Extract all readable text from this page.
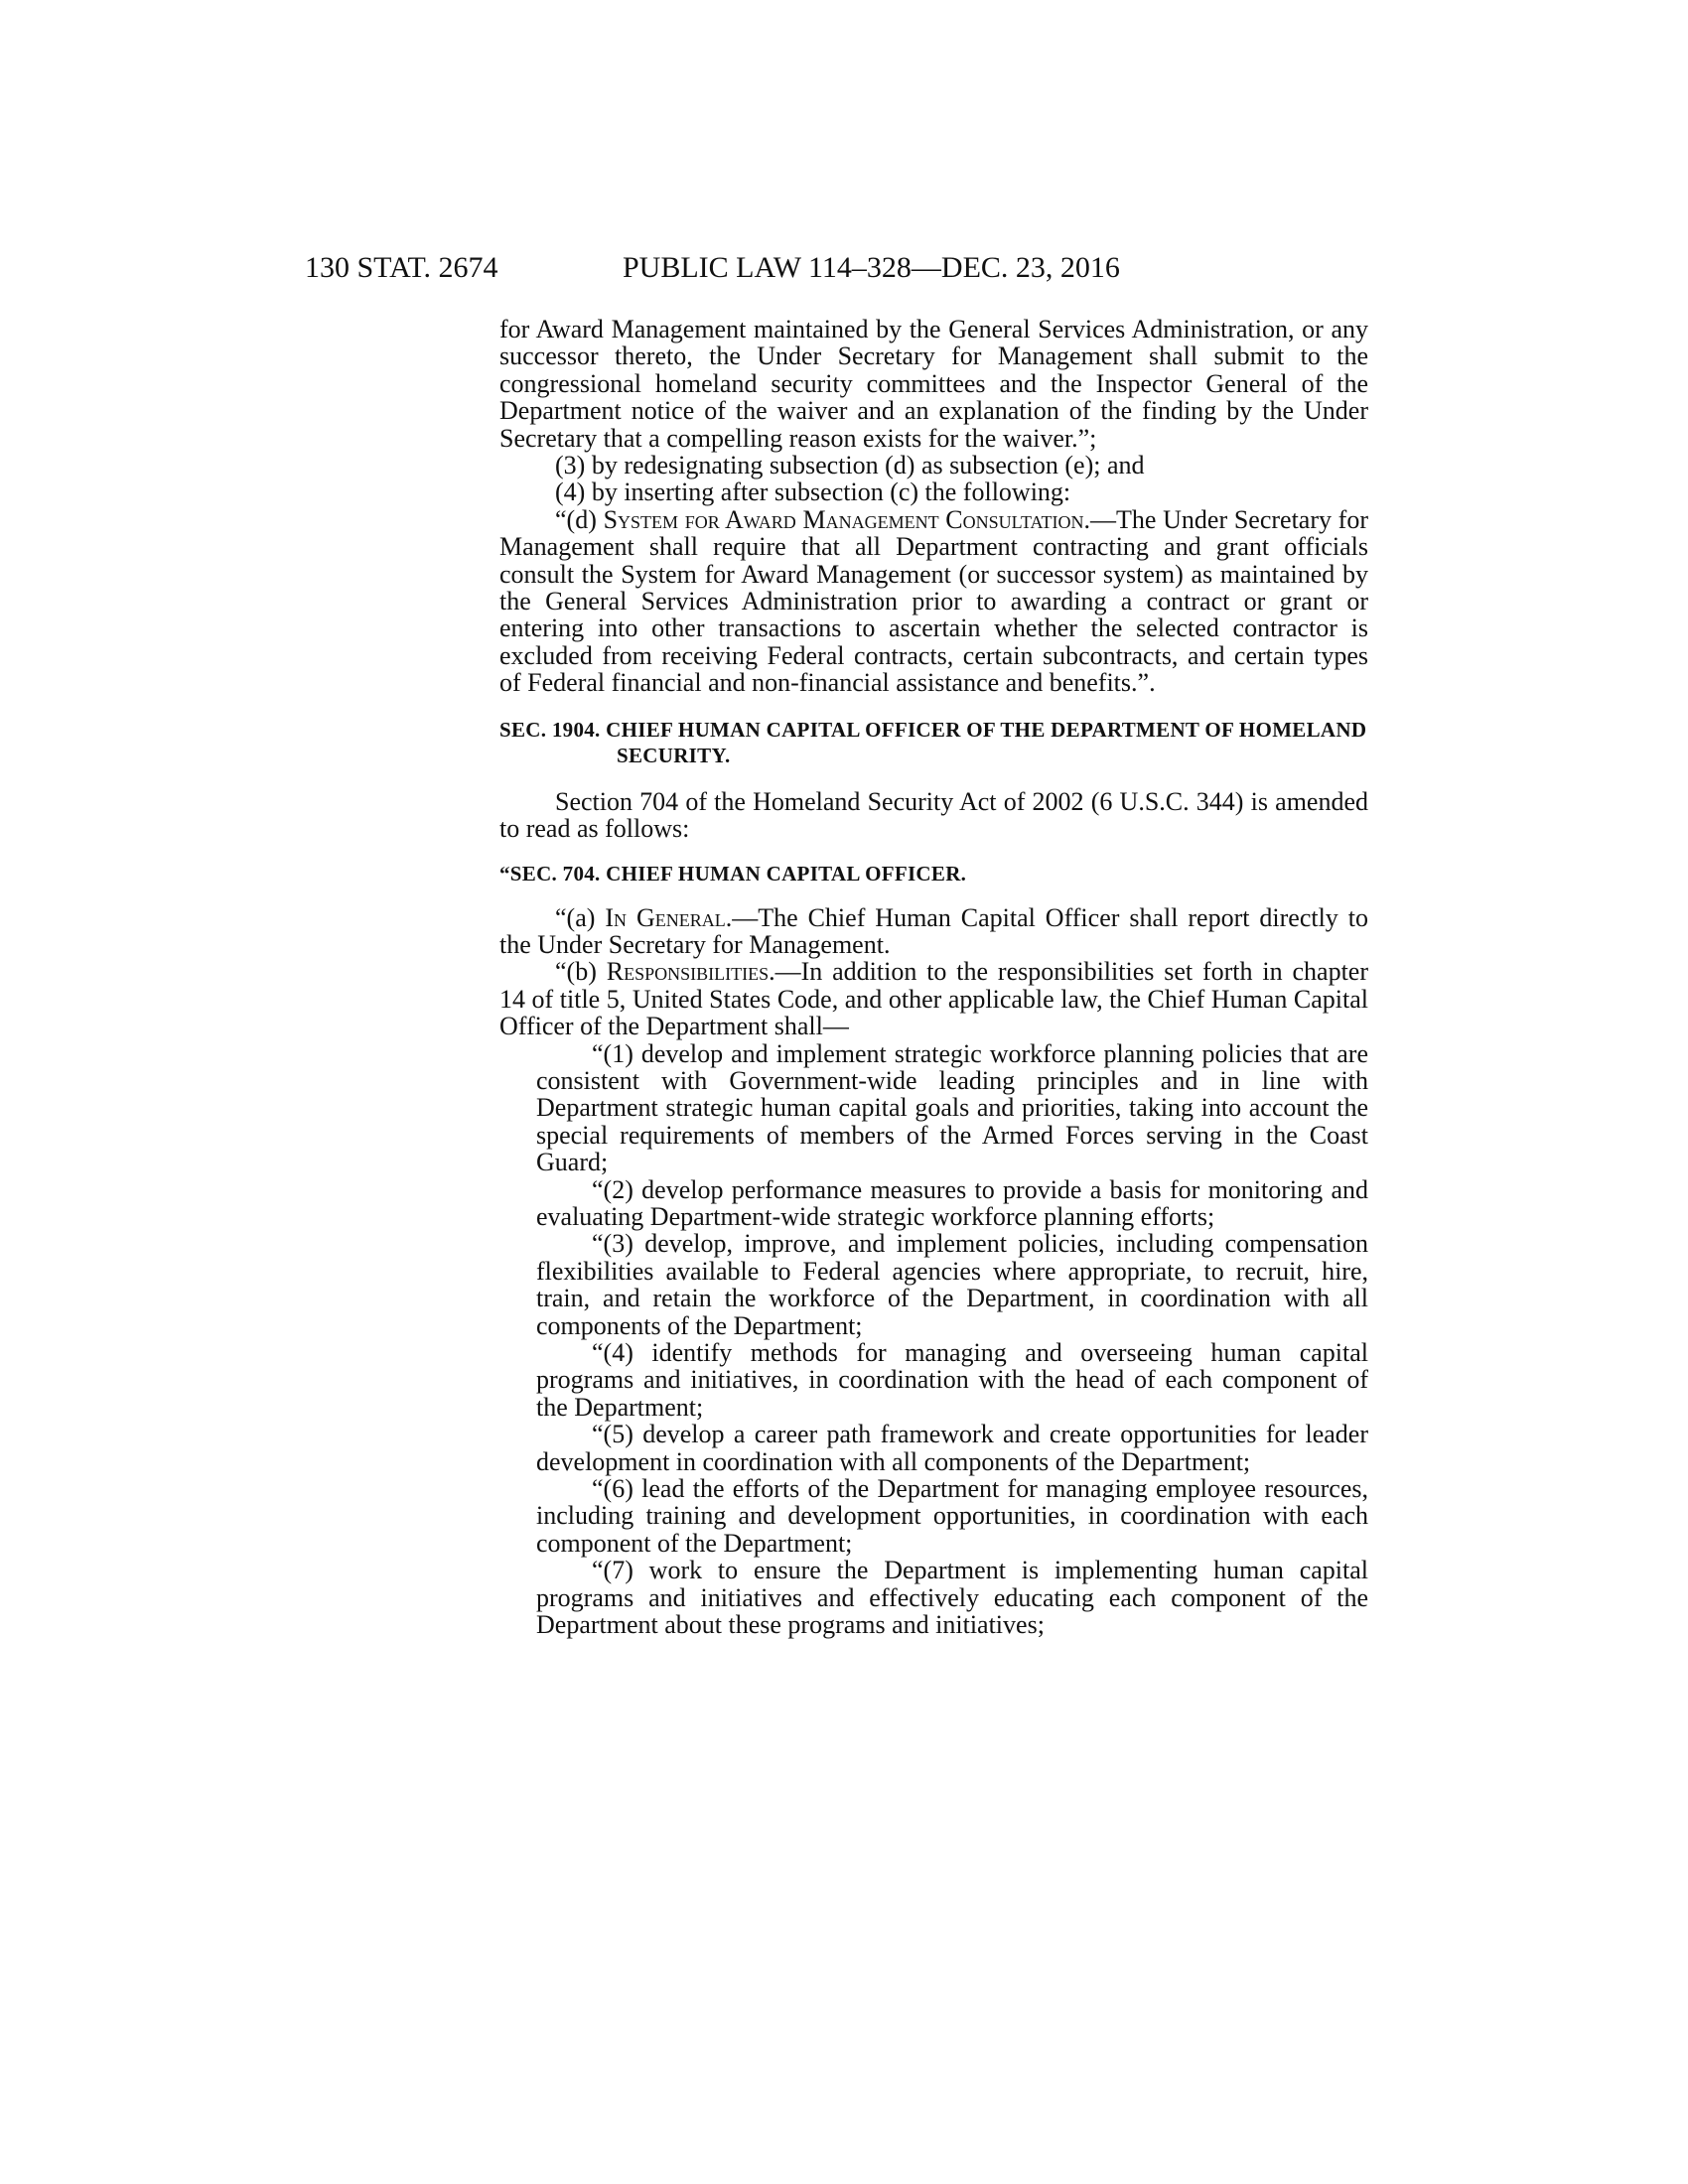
130 STAT. 2674	PUBLIC LAW 114–328—DEC. 23, 2016

for Award Management maintained by the General Services Administration, or any successor thereto, the Under Secretary for Management shall submit to the congressional homeland security committees and the Inspector General of the Department notice of the waiver and an explanation of the finding by the Under Secretary that a compelling reason exists for the waiver.”;

(3) by redesignating subsection (d) as subsection (e); and

(4) by inserting after subsection (c) the following:

“(d) System for Award Management Consultation.—The Under Secretary for Management shall require that all Department contracting and grant officials consult the System for Award Management (or successor system) as maintained by the General Services Administration prior to awarding a contract or grant or entering into other transactions to ascertain whether the selected contractor is excluded from receiving Federal contracts, certain subcontracts, and certain types of Federal financial and non-financial assistance and benefits.”.

SEC. 1904. CHIEF HUMAN CAPITAL OFFICER OF THE DEPARTMENT OF HOMELAND SECURITY.

Section 704 of the Homeland Security Act of 2002 (6 U.S.C. 344) is amended to read as follows:

“SEC. 704. CHIEF HUMAN CAPITAL OFFICER.

“(a) In General.—The Chief Human Capital Officer shall report directly to the Under Secretary for Management.

“(b) Responsibilities.—In addition to the responsibilities set forth in chapter 14 of title 5, United States Code, and other applicable law, the Chief Human Capital Officer of the Department shall—

“(1) develop and implement strategic workforce planning policies that are consistent with Government-wide leading principles and in line with Department strategic human capital goals and priorities, taking into account the special requirements of members of the Armed Forces serving in the Coast Guard;

“(2) develop performance measures to provide a basis for monitoring and evaluating Department-wide strategic workforce planning efforts;

“(3) develop, improve, and implement policies, including compensation flexibilities available to Federal agencies where appropriate, to recruit, hire, train, and retain the workforce of the Department, in coordination with all components of the Department;

“(4) identify methods for managing and overseeing human capital programs and initiatives, in coordination with the head of each component of the Department;

“(5) develop a career path framework and create opportunities for leader development in coordination with all components of the Department;

“(6) lead the efforts of the Department for managing employee resources, including training and development opportunities, in coordination with each component of the Department;

“(7) work to ensure the Department is implementing human capital programs and initiatives and effectively educating each component of the Department about these programs and initiatives;
